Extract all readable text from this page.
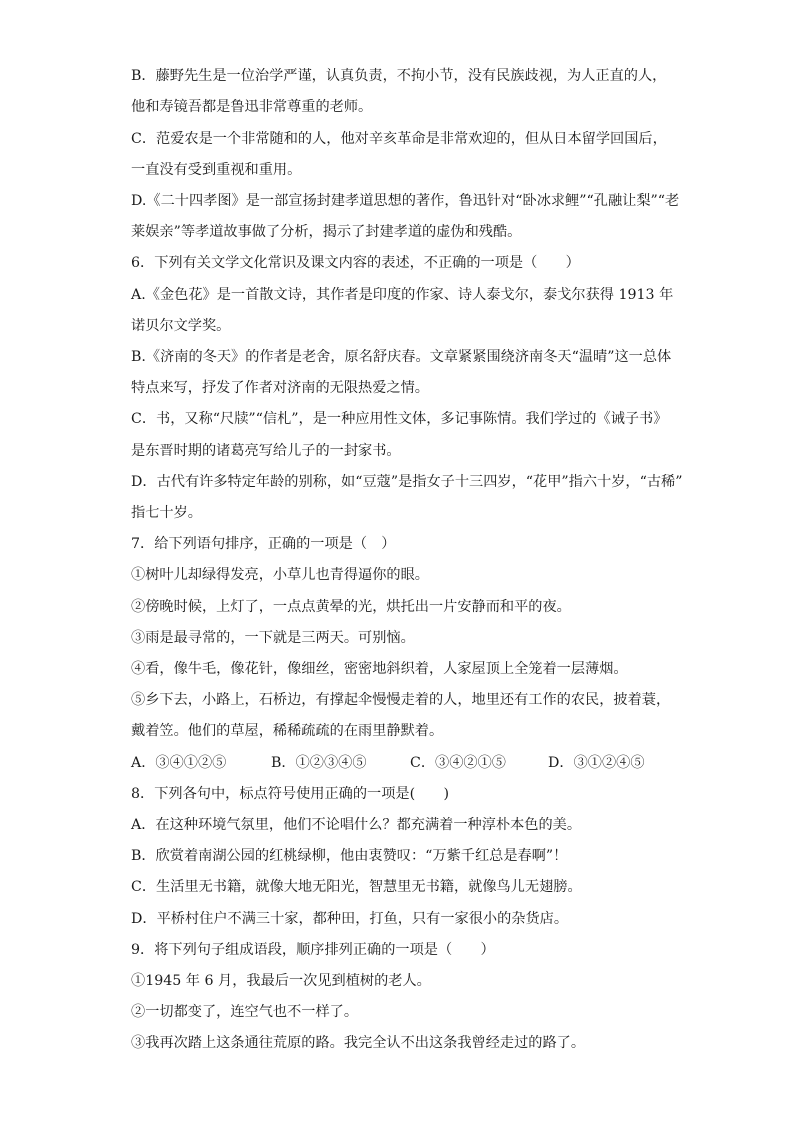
B．藤野先生是一位治学严谨，认真负责，不拘小节，没有民族歧视，为人正直的人，
他和寿镜吾都是鲁迅非常尊重的老师。
C．范爱农是一个非常随和的人，他对辛亥革命是非常欢迎的，但从日本留学回国后，
一直没有受到重视和重用。
D.《二十四孝图》是一部宣扬封建孝道思想的著作，鲁迅针对“卧冰求鲤”“孔融让梨”“老
莱娱亲”等孝道故事做了分析，揭示了封建孝道的虚伪和残酷。
6．下列有关文学文化常识及课文内容的表述，不正确的一项是（　　）
A.《金色花》是一首散文诗，其作者是印度的作家、诗人泰戈尔，泰戈尔获得 1913 年
诺贝尔文学奖。
B.《济南的冬天》的作者是老舍，原名舒庆春。文章紧紧围绕济南冬天“温晴”这一总体
特点来写，抒发了作者对济南的无限热爱之情。
C．书，又称“尺牍”“信札”，是一种应用性文体，多记事陈情。我们学过的《诫子书》
是东晋时期的诸葛亮写给儿子的一封家书。
D．古代有许多特定年龄的别称，如“豆蔻”是指女子十三四岁，“花甲”指六十岁，“古稀”
指七十岁。
7．给下列语句排序，正确的一项是（　）
①树叶儿却绿得发亮，小草儿也青得逼你的眼。
②傍晚时候，上灯了，一点点黄晕的光，烘托出一片安静而和平的夜。
③雨是最寻常的，一下就是三两天。可别恼。
④看，像牛毛，像花针，像细丝，密密地斜织着，人家屋顶上全笼着一层薄烟。
⑤乡下去，小路上，石桥边，有撑起伞慢慢走着的人，地里还有工作的农民，披着蓑，
戴着笠。他们的草屋，稀稀疏疏的在雨里静默着。
A．③④①②⑤	B．①②③④⑤	C．③④②①⑤	D．③①②④⑤
8．下列各句中，标点符号使用正确的一项是(　　)
A．在这种环境气氛里，他们不论唱什么？都充满着一种淳朴本色的美。
B．欣赏着南湖公园的红桃绿柳，他由衷赞叹：“万紫千红总是春啊”！
C．生活里无书籍，就像大地无阳光，智慧里无书籍，就像鸟儿无翅膀。
D．平桥村住户不满三十家，都种田，打鱼，只有一家很小的杂货店。
9．将下列句子组成语段，顺序排列正确的一项是（　　）
①1945 年 6 月，我最后一次见到植树的老人。
②一切都变了，连空气也不一样了。
③我再次踏上这条通往荒原的路。我完全认不出这条我曾经走过的路了。
